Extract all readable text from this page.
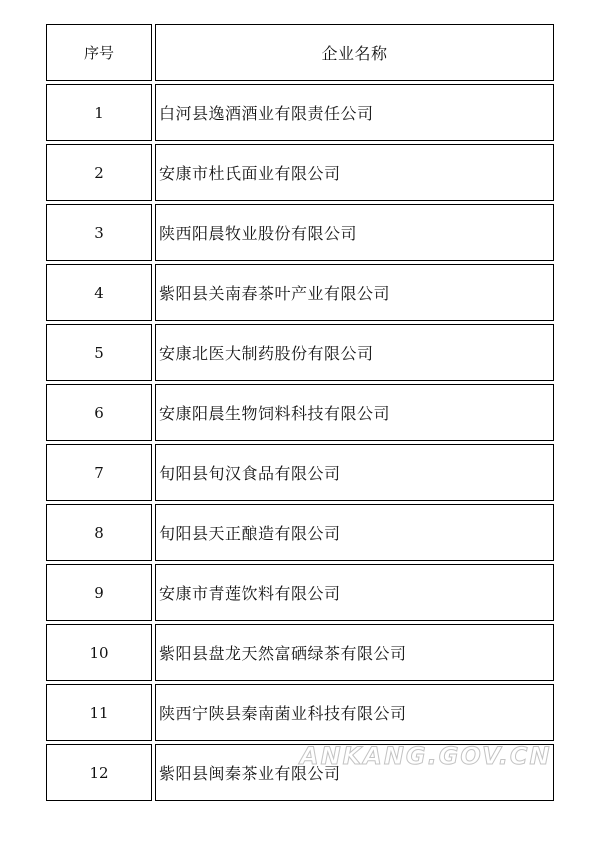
序号	企业名称
1	白河县逸酒酒业有限责任公司
2	安康市杜氏面业有限公司
3	陕西阳晨牧业股份有限公司
4	紫阳县关南春茶叶产业有限公司
5	安康北医大制药股份有限公司
6	安康阳晨生物饲料科技有限公司
7	旬阳县旬汉食品有限公司
8	旬阳县天正酿造有限公司
9	安康市青莲饮料有限公司
10	紫阳县盘龙天然富硒绿茶有限公司
11	陕西宁陕县秦南菌业科技有限公司
12	紫阳县闽秦茶业有限公司
ANKANG.GOV.CN
